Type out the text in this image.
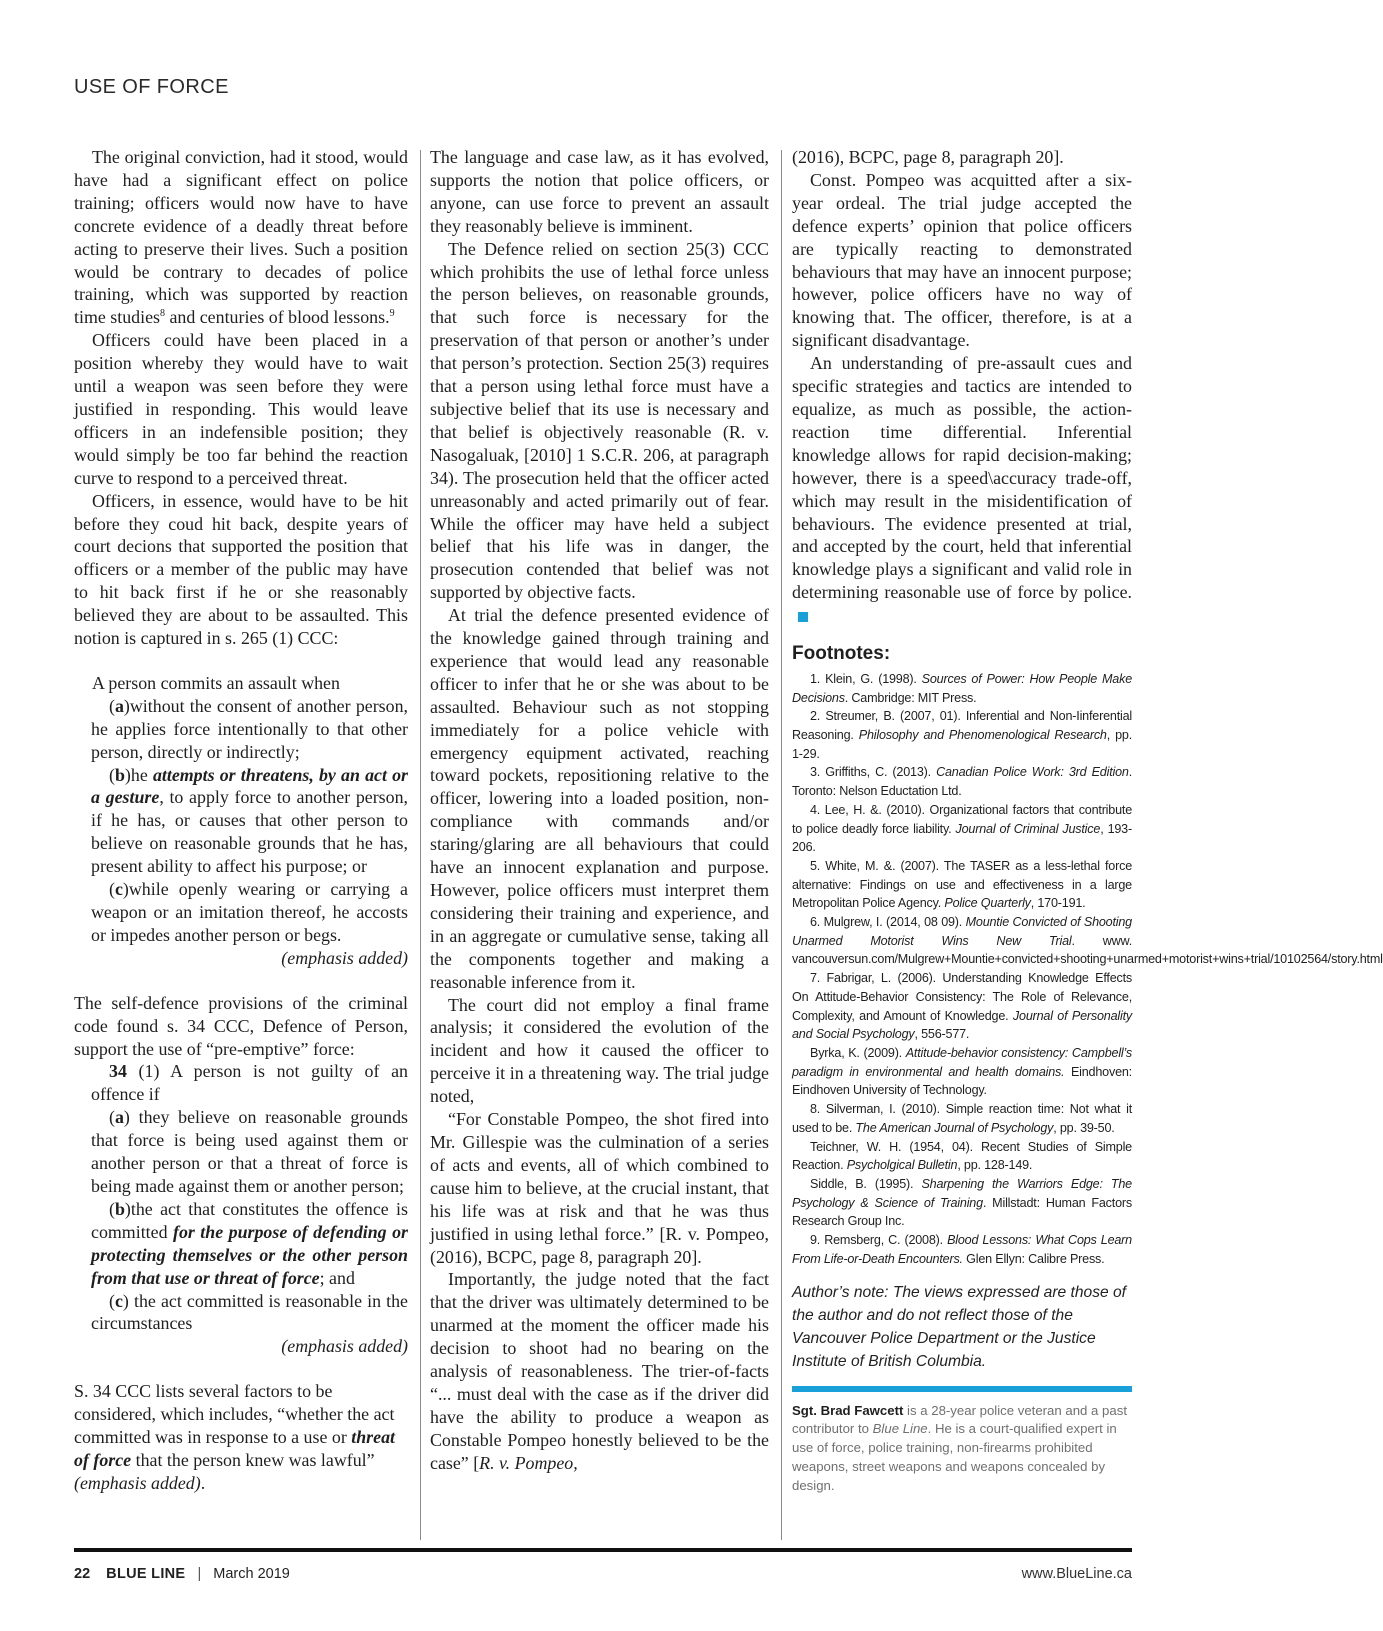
USE OF FORCE

The original conviction, had it stood, would have had a significant effect on police training; officers would now have to have concrete evidence of a deadly threat before acting to preserve their lives. Such a position would be contrary to decades of police training, which was supported by reaction time studies$^8$ and centuries of blood lessons.$^9$

Officers could have been placed in a position whereby they would have to wait until a weapon was seen before they were justified in responding. This would leave officers in an indefensible position; they would simply be too far behind the reaction curve to respond to a perceived threat.

Officers, in essence, would have to be hit before they coud hit back, despite years of court decions that supported the position that officers or a member of the public may have to hit back first if he or she reasonably believed they are about to be assaulted. This notion is captured in s. 265 (1) CCC:

A person commits an assault when

(a)without the consent of another person, he applies force intentionally to that other person, directly or indirectly;

(b)he attempts or threatens, by an act or a gesture, to apply force to another person, if he has, or causes that other person to believe on reasonable grounds that he has, present ability to affect his purpose; or

(c)while openly wearing or carrying a weapon or an imitation thereof, he accosts or impedes another person or begs.

(emphasis added)

The self-defence provisions of the criminal code found s. 34 CCC, Defence of Person, support the use of “pre-emptive” force:

34 (1) A person is not guilty of an offence if

(a) they believe on reasonable grounds that force is being used against them or another person or that a threat of force is being made against them or another person;

(b)the act that constitutes the offence is committed for the purpose of defending or protecting themselves or the other person from that use or threat of force; and

(c) the act committed is reasonable in the circumstances

(emphasis added)

S. 34 CCC lists several factors to be considered, which includes, “whether the act committed was in response to a use or threat of force that the person knew was lawful” (emphasis added).

The language and case law, as it has evolved, supports the notion that police officers, or anyone, can use force to prevent an assault they reasonably believe is imminent.

The Defence relied on section 25(3) CCC which prohibits the use of lethal force unless the person believes, on reasonable grounds, that such force is necessary for the preservation of that person or another’s under that person’s protection. Section 25(3) requires that a person using lethal force must have a subjective belief that its use is necessary and that belief is objectively reasonable (R. v. Nasogaluak, [2010] 1 S.C.R. 206, at paragraph 34). The prosecution held that the officer acted unreasonably and acted primarily out of fear. While the officer may have held a subject belief that his life was in danger, the prosecution contended that belief was not supported by objective facts.

At trial the defence presented evidence of the knowledge gained through training and experience that would lead any reasonable officer to infer that he or she was about to be assaulted. Behaviour such as not stopping immediately for a police vehicle with emergency equipment activated, reaching toward pockets, repositioning relative to the officer, lowering into a loaded position, non-compliance with commands and/or staring/glaring are all behaviours that could have an innocent explanation and purpose. However, police officers must interpret them considering their training and experience, and in an aggregate or cumulative sense, taking all the components together and making a reasonable inference from it.

The court did not employ a final frame analysis; it considered the evolution of the incident and how it caused the officer to perceive it in a threatening way. The trial judge noted,

“For Constable Pompeo, the shot fired into Mr. Gillespie was the culmination of a series of acts and events, all of which combined to cause him to believe, at the crucial instant, that his life was at risk and that he was thus justified in using lethal force.” [R. v. Pompeo, (2016), BCPC, page 8, paragraph 20].

Importantly, the judge noted that the fact that the driver was ultimately determined to be unarmed at the moment the officer made his decision to shoot had no bearing on the analysis of reasonableness. The trier-of-facts “... must deal with the case as if the driver did have the ability to produce a weapon as Constable Pompeo honestly believed to be the case” [R. v. Pompeo,

(2016), BCPC, page 8, paragraph 20].

Const. Pompeo was acquitted after a six-year ordeal. The trial judge accepted the defence experts’ opinion that police officers are typically reacting to demonstrated behaviours that may have an innocent purpose; however, police officers have no way of knowing that. The officer, therefore, is at a significant disadvantage.

An understanding of pre-assault cues and specific strategies and tactics are intended to equalize, as much as possible, the action-reaction time differential. Inferential knowledge allows for rapid decision-making; however, there is a speed\accuracy trade-off, which may result in the misidentification of behaviours. The evidence presented at trial, and accepted by the court, held that inferential knowledge plays a significant and valid role in determining reasonable use of force by police.

Footnotes:

1. Klein, G. (1998). Sources of Power: How People Make Decisions. Cambridge: MIT Press.

2. Streumer, B. (2007, 01). Inferential and Non-Iinferential Reasoning. Philosophy and Phenomenological Research, pp. 1-29.

3. Griffiths, C. (2013). Canadian Police Work: 3rd Edition. Toronto: Nelson Eductation Ltd.

4. Lee, H. &. (2010). Organizational factors that contribute to police deadly force liability. Journal of Criminal Justice, 193-206.

5. White, M. &. (2007). The TASER as a less-lethal force alternative: Findings on use and effectiveness in a large Metropolitan Police Agency. Police Quarterly, 170-191.

6. Mulgrew, I. (2014, 08 09). Mountie Convicted of Shooting Unarmed Motorist Wins New Trial. www. vancouversun.com/Mulgrew+Mountie+convicted+shooting+unarmed+motorist+wins+trial/10102564/story.html

7. Fabrigar, L. (2006). Understanding Knowledge Effects On Attitude-Behavior Consistency: The Role of Relevance, Complexity, and Amount of Knowledge. Journal of Personality and Social Psychology, 556-577.

Byrka, K. (2009). Attitude-behavior consistency: Campbell’s paradigm in environmental and health domains. Eindhoven: Eindhoven University of Technology.

8. Silverman, I. (2010). Simple reaction time: Not what it used to be. The American Journal of Psychology, pp. 39-50.

Teichner, W. H. (1954, 04). Recent Studies of Simple Reaction. Psycholgical Bulletin, pp. 128-149.

Siddle, B. (1995). Sharpening the Warriors Edge: The Psychology & Science of Training. Millstadt: Human Factors Research Group Inc.

9. Remsberg, C. (2008). Blood Lessons: What Cops Learn From Life-or-Death Encounters. Glen Ellyn: Calibre Press.

Author’s note: The views expressed are those of the author and do not reflect those of the Vancouver Police Department or the Justice Institute of British Columbia.
Sgt. Brad Fawcett is a 28-year police veteran and a past contributor to Blue Line. He is a court-qualified expert in use of force, police training, non-firearms prohibited weapons, street weapons and weapons concealed by design.
22 BLUE LINE | March 2019	www.BlueLine.ca
